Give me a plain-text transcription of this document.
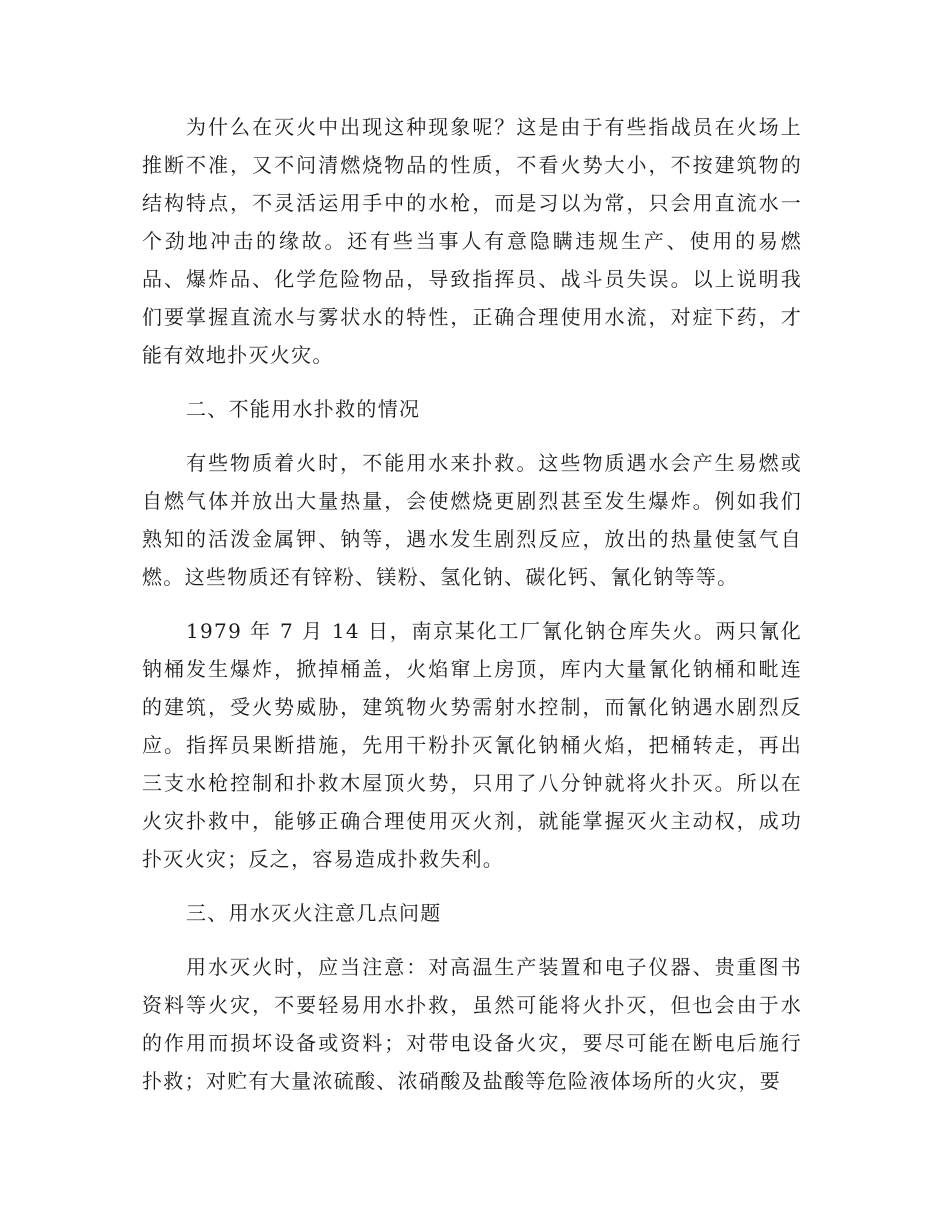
为什么在灭火中出现这种现象呢？这是由于有些指战员在火场上推断不准，又不问清燃烧物品的性质，不看火势大小，不按建筑物的结构特点，不灵活运用手中的水枪，而是习以为常，只会用直流水一个劲地冲击的缘故。还有些当事人有意隐瞒违规生产、使用的易燃品、爆炸品、化学危险物品，导致指挥员、战斗员失误。以上说明我们要掌握直流水与雾状水的特性，正确合理使用水流，对症下药，才能有效地扑灭火灾。

二、不能用水扑救的情况

有些物质着火时，不能用水来扑救。这些物质遇水会产生易燃或自燃气体并放出大量热量，会使燃烧更剧烈甚至发生爆炸。例如我们熟知的活泼金属钾、钠等，遇水发生剧烈反应，放出的热量使氢气自燃。这些物质还有锌粉、镁粉、氢化钠、碳化钙、氰化钠等等。

1979 年 7 月 14 日，南京某化工厂氰化钠仓库失火。两只氰化钠桶发生爆炸，掀掉桶盖，火焰窜上房顶，库内大量氰化钠桶和毗连的建筑，受火势威胁，建筑物火势需射水控制，而氰化钠遇水剧烈反应。指挥员果断措施，先用干粉扑灭氰化钠桶火焰，把桶转走，再出三支水枪控制和扑救木屋顶火势，只用了八分钟就将火扑灭。所以在火灾扑救中，能够正确合理使用灭火剂，就能掌握灭火主动权，成功扑灭火灾；反之，容易造成扑救失利。

三、用水灭火注意几点问题

用水灭火时，应当注意：对高温生产装置和电子仪器、贵重图书资料等火灾，不要轻易用水扑救，虽然可能将火扑灭，但也会由于水的作用而损坏设备或资料；对带电设备火灾，要尽可能在断电后施行扑救；对贮有大量浓硫酸、浓硝酸及盐酸等危险液体场所的火灾，要
